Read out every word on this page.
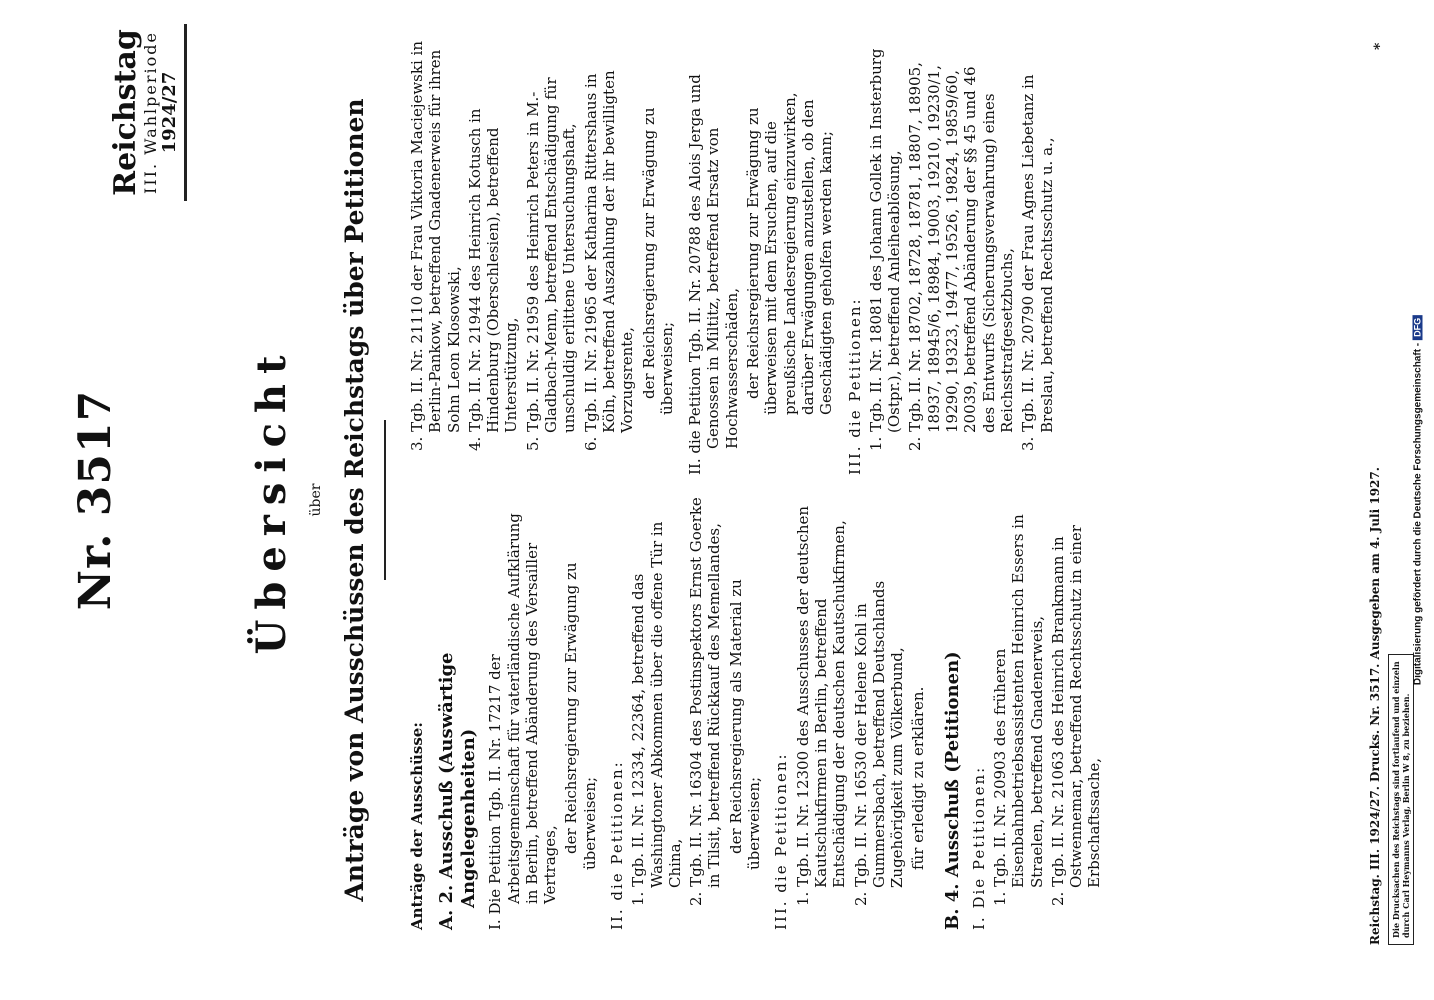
Nr. 3517
Reichstag
III. Wahlperiode
1924/27
Übersicht über Anträge von Ausschüssen des Reichstags über Petitionen	Anträge der Ausschüsse: A. 2. Ausschuß (Auswärtige Angelegenheiten) I. Die Petition Tgb. II. Nr. 17217 der Arbeitsgemeinschaft für vaterländische Aufklärung in Berlin, betreffend Abänderung des Versailler Vertrages,

der Reichsregierung zur Erwägung zu überweisen; II. die Petitionen: 1. Tgb. II. Nr. 12334, 22364, betreffend das Washingtoner Abkommen über die offene Tür in China, 2. Tgb. II. Nr. 16304 des Postinspektors Ernst Goerke in Tilsit, betreffend Rückkauf des Memellandes, der Reichsregierung als Material zu überweisen; III. die Petitionen: 1. Tgb. II. Nr. 12300 des Ausschusses der deutschen Kautschukfirmen in Berlin, betreffend Entschädigung der deutschen Kautschukfirmen, 2. Tgb. II. Nr. 16530 der Helene Kohl in Gummersbach, betreffend Deutschlands Zugehörigkeit zum Völkerbund, für erledigt zu erklären. B. 4. Ausschuß (Petitionen) I. Die Petitionen: 1. Tgb. II. Nr. 20903 des früheren Eisenbahnbetriebsassistenten Heinrich Essers in Straelen, betreffend Gnadenerweis, 2. Tgb. II. Nr. 21063 des Heinrich Brankmann in Ostwennemar, betreffend Rechtsschutz in einer Erbschaftssache,

3. Tgb. II. Nr. 21110 der Frau Viktoria Maciejewski in Berlin-Pankow, betreffend Gnadenerweis für ihren Sohn Leon Klosowski, 4. Tgb. II. Nr. 21944 des Heinrich Kotusch in Hindenburg (Oberschlesien), betreffend Unterstützung, 5. Tgb. II. Nr. 21959 des Heinrich Peters in M.-Gladbach-Menn, betreffend Entschädigung für unschuldig erlittene Untersuchungshaft, 6. Tgb. II. Nr. 21965 der Katharina Rittershaus in Köln, betreffend Auszahlung der ihr bewilligten Vorzugsrente, der Reichsregierung zur Erwägung zu überweisen; II. die Petition Tgb. II. Nr. 20788 des Alois Jerga und Genossen in Miltitz, betreffend Ersatz von Hochwasserschäden, der Reichsregierung zur Erwägung zu überweisen mit dem Ersuchen, auf die preußische Landesregierung einzuwirken, darüber Erwägungen anzustellen, ob den Geschädigten geholfen werden kann; III. die Petitionen: 1. Tgb. II. Nr. 18081 des Johann Gollek in Insterburg (Ostpr.), betreffend Anleiheablösung, 2. Tgb. II. Nr. 18702, 18728, 18781, 18807, 18905, 18937, 18945/6, 18984, 19003, 19210, 19230/1, 19290, 19323, 19477, 19526, 19824, 19859/60, 20039, betreffend Abänderung der §§ 45 und 46 des Entwurfs (Sicherungsverwahrung) eines Reichsstrafgesetzbuchs, 3. Tgb. II. Nr. 20790 der Frau Agnes Liebetanz in Breslau, betreffend Rechtsschutz u. a.,

Reichstag. III. 1924/27. Drucks. Nr. 3517. Ausgegeben am 4. Juli 1927.
*
Die Drucksachen des Reichstags sind fortlaufend und einzeln durch Carl Heymanns Verlag, Berlin W 8, zu beziehen.
Digitalisierung gefördert durch die Deutsche Forschungsgemeinschaft -DFG
